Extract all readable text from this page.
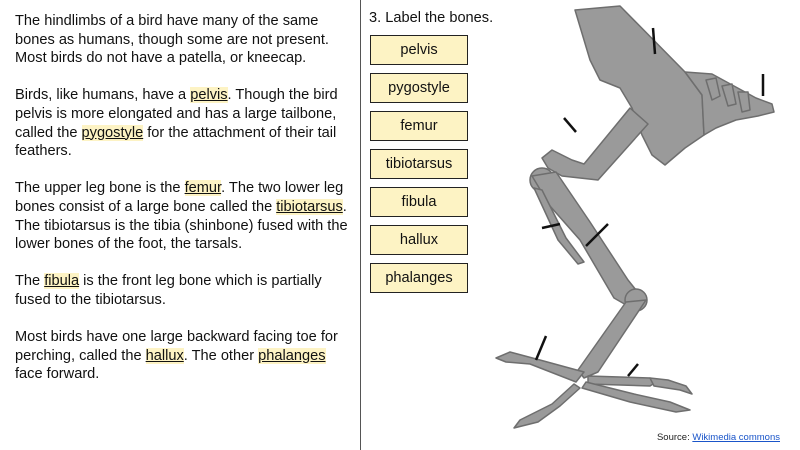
The hindlimbs of a bird have many of the same bones as humans, though some are not present. Most birds do not have a patella, or kneecap.

Birds, like humans, have a pelvis. Though the bird pelvis is more elongated and has a large tailbone, called the pygostyle for the attachment of their tail feathers.

The upper leg bone is the femur. The two lower leg bones consist of a large bone called the tibiotarsus. The tibiotarsus is the tibia (shinbone) fused with the lower bones of the foot, the tarsals.

The fibula is the front leg bone which is partially fused to the tibiotarsus.

Most birds have one large backward facing toe for perching, called the hallux. The other phalanges face forward.

3. Label the bones.
pelvis
pygostyle
femur
tibiotarsus
fibula
hallux
phalanges
Source: Wikimedia commons
